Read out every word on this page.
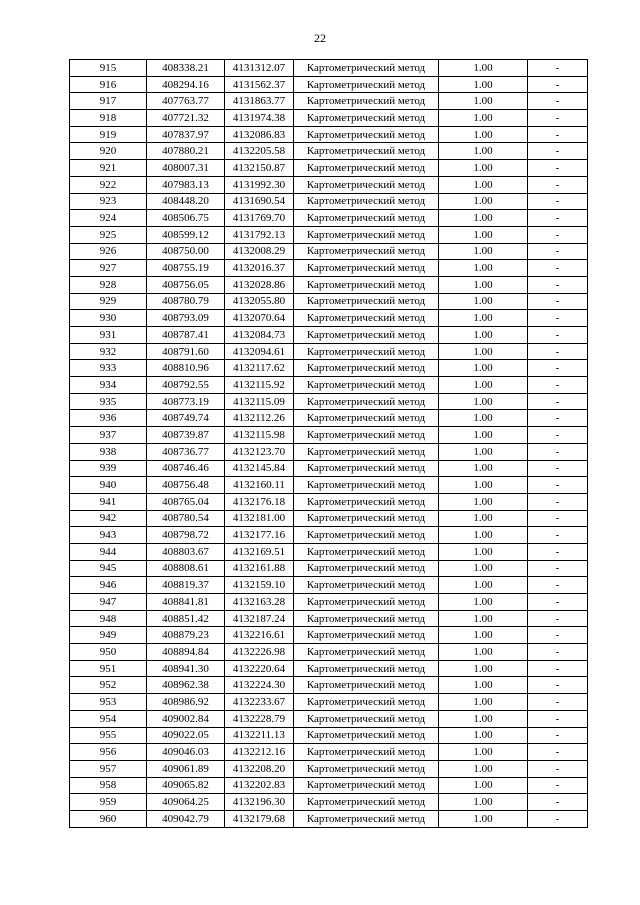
22
915	408338.21	4131312.07	Картометрический метод	1.00	-
916	408294.16	4131562.37	Картометрический метод	1.00	-
917	407763.77	4131863.77	Картометрический метод	1.00	-
918	407721.32	4131974.38	Картометрический метод	1.00	-
919	407837.97	4132086.83	Картометрический метод	1.00	-
920	407880.21	4132205.58	Картометрический метод	1.00	-
921	408007.31	4132150.87	Картометрический метод	1.00	-
922	407983.13	4131992.30	Картометрический метод	1.00	-
923	408448.20	4131690.54	Картометрический метод	1.00	-
924	408506.75	4131769.70	Картометрический метод	1.00	-
925	408599.12	4131792.13	Картометрический метод	1.00	-
926	408750.00	4132008.29	Картометрический метод	1.00	-
927	408755.19	4132016.37	Картометрический метод	1.00	-
928	408756.05	4132028.86	Картометрический метод	1.00	-
929	408780.79	4132055.80	Картометрический метод	1.00	-
930	408793.09	4132070.64	Картометрический метод	1.00	-
931	408787.41	4132084.73	Картометрический метод	1.00	-
932	408791.60	4132094.61	Картометрический метод	1.00	-
933	408810.96	4132117.62	Картометрический метод	1.00	-
934	408792.55	4132115.92	Картометрический метод	1.00	-
935	408773.19	4132115.09	Картометрический метод	1.00	-
936	408749.74	4132112.26	Картометрический метод	1.00	-
937	408739.87	4132115.98	Картометрический метод	1.00	-
938	408736.77	4132123.70	Картометрический метод	1.00	-
939	408746.46	4132145.84	Картометрический метод	1.00	-
940	408756.48	4132160.11	Картометрический метод	1.00	-
941	408765.04	4132176.18	Картометрический метод	1.00	-
942	408780.54	4132181.00	Картометрический метод	1.00	-
943	408798.72	4132177.16	Картометрический метод	1.00	-
944	408803.67	4132169.51	Картометрический метод	1.00	-
945	408808.61	4132161.88	Картометрический метод	1.00	-
946	408819.37	4132159.10	Картометрический метод	1.00	-
947	408841.81	4132163.28	Картометрический метод	1.00	-
948	408851.42	4132187.24	Картометрический метод	1.00	-
949	408879.23	4132216.61	Картометрический метод	1.00	-
950	408894.84	4132226.98	Картометрический метод	1.00	-
951	408941.30	4132220.64	Картометрический метод	1.00	-
952	408962.38	4132224.30	Картометрический метод	1.00	-
953	408986.92	4132233.67	Картометрический метод	1.00	-
954	409002.84	4132228.79	Картометрический метод	1.00	-
955	409022.05	4132211.13	Картометрический метод	1.00	-
956	409046.03	4132212.16	Картометрический метод	1.00	-
957	409061.89	4132208.20	Картометрический метод	1.00	-
958	409065.82	4132202.83	Картометрический метод	1.00	-
959	409064.25	4132196.30	Картометрический метод	1.00	-
960	409042.79	4132179.68	Картометрический метод	1.00	-
